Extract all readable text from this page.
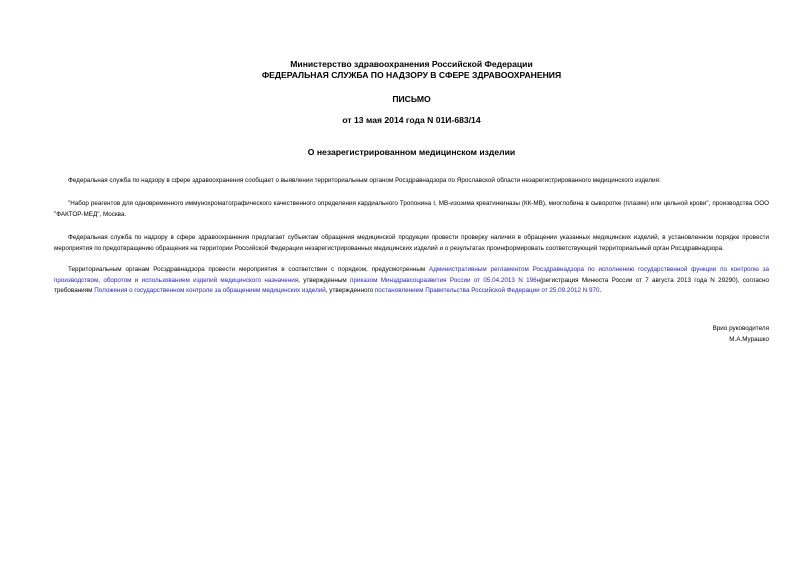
Министерство здравоохранения Российской Федерации
ФЕДЕРАЛЬНАЯ СЛУЖБА ПО НАДЗОРУ В СФЕРЕ ЗДРАВООХРАНЕНИЯ
ПИСЬМО
от 13 мая 2014 года N 01И-683/14
О незарегистрированном медицинском изделии

Федеральная служба по надзору в сфере здравоохранения сообщает о выявлении территориальным органом Росздравнадзора по Ярославской области незарегистрированного медицинского изделия:

"Набор реагентов для одновременного иммунохроматографического качественного определения кардиального Тропонина I, МВ-изозима креатинкиназы (КК-МВ), миоглобина в сыворотке (плазме) или цельной крови", производства ООО "ФАКТОР-МЕД", Москва.

Федеральная служба по надзору в сфере здравоохранения предлагает субъектам обращения медицинской продукции провести проверку наличия в обращении указанных медицинских изделий, в установленном порядке провести мероприятия по предотвращению обращения на территории Российской Федерации незарегистрированных медицинских изделий и о результатах проинформировать соответствующий территориальный орган Росздравнадзора.

Территориальным органам Росздравнадзора провести мероприятия в соответствии с порядком, предусмотренным Административным регламентом Росздравнадзора по исполнению государственной функции по контролю за производством, оборотом и использованием изделий медицинского назначения, утвержденным приказом Минздравсоцразвития России от 05.04.2013 N 196н(регистрация Минюста России от 7 августа 2013 года N 29290), согласно требованиям Положения о государственном контроле за обращением медицинских изделий, утвержденного постановлением Правительства Российской Федерации от 25.09.2012 N 970.

Врио руководителя
М.А.Мурашко
